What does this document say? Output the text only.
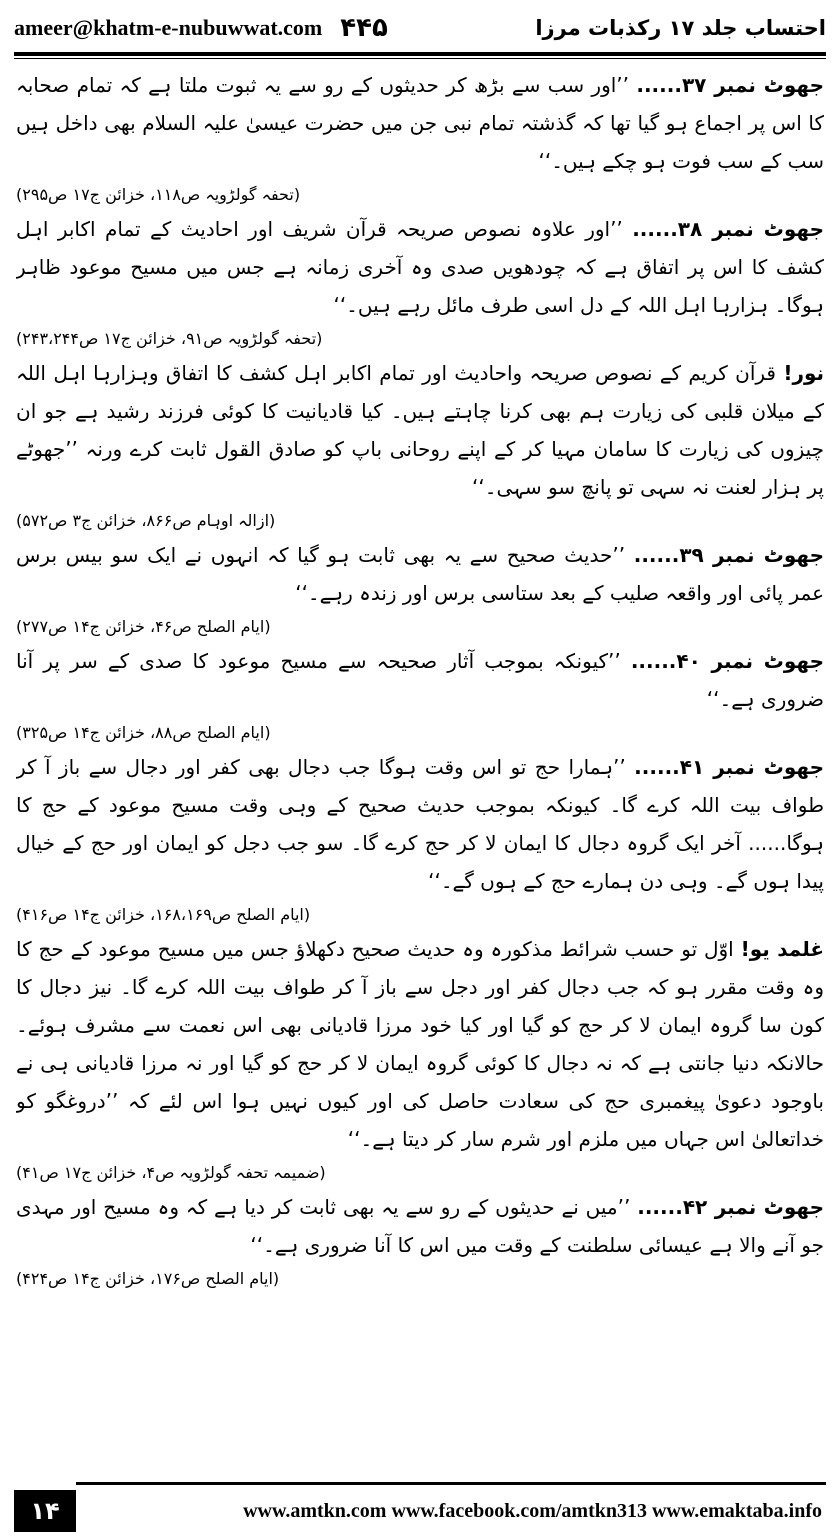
ameer@khatm-e-nubuwwat.com ۴۴۵	احتساب جلد ۱۷ رکذبات مرزا

جھوٹ نمبر ۳۷...... ’’اور سب سے بڑھ کر حدیثوں کے رو سے یہ ثبوت ملتا ہے کہ تمام صحابہ کا اس پر اجماع ہو گیا تھا کہ گذشتہ تمام نبی جن میں حضرت عیسیٰ علیہ السلام بھی داخل ہیں سب کے سب فوت ہو چکے ہیں۔‘‘
(تحفہ گولڑویہ ص۱۱۸، خزائن ج۱۷ ص۲۹۵)

جھوٹ نمبر ۳۸...... ’’اور علاوہ نصوص صریحہ قرآن شریف اور احادیث کے تمام اکابر اہل کشف کا اس پر اتفاق ہے کہ چودھویں صدی وہ آخری زمانہ ہے جس میں مسیح موعود ظاہر ہوگا۔ ہزارہا اہل اللہ کے دل اسی طرف مائل رہے ہیں۔‘‘
(تحفہ گولڑویہ ص۹۱، خزائن ج۱۷ ص۲۴۳،۲۴۴)

نور! قرآن کریم کے نصوص صریحہ واحادیث اور تمام اکابر اہل کشف کا اتفاق وہزارہا اہل اللہ کے میلان قلبی کی زیارت ہم بھی کرنا چاہتے ہیں۔ کیا قادیانیت کا کوئی فرزند رشید ہے جو ان چیزوں کی زیارت کا سامان مہیا کر کے اپنے روحانی باپ کو صادق القول ثابت کرے ورنہ ’’جھوٹے پر ہزار لعنت نہ سہی تو پانچ سو سہی۔‘‘
(ازالہ اوہام ص۸۶۶، خزائن ج۳ ص۵۷۲)

جھوٹ نمبر ۳۹...... ’’حدیث صحیح سے یہ بھی ثابت ہو گیا کہ انہوں نے ایک سو بیس برس عمر پائی اور واقعہ صلیب کے بعد ستاسی برس اور زندہ رہے۔‘‘
(ایام الصلح ص۴۶، خزائن ج۱۴ ص۲۷۷)

جھوٹ نمبر ۴۰...... ’’کیونکہ بموجب آثار صحیحہ سے مسیح موعود کا صدی کے سر پر آنا ضروری ہے۔‘‘
(ایام الصلح ص۸۸، خزائن ج۱۴ ص۳۲۵)

جھوٹ نمبر ۴۱...... ’’ہمارا حج تو اس وقت ہوگا جب دجال بھی کفر اور دجال سے باز آ کر طواف بیت اللہ کرے گا۔ کیونکہ بموجب حدیث صحیح کے وہی وقت مسیح موعود کے حج کا ہوگا...... آخر ایک گروہ دجال کا ایمان لا کر حج کرے گا۔ سو جب دجل کو ایمان اور حج کے خیال پیدا ہوں گے۔ وہی دن ہمارے حج کے ہوں گے۔‘‘
(ایام الصلح ص۱۶۸،۱۶۹، خزائن ج۱۴ ص۴۱۶)

غلمد یو! اوّل تو حسب شرائط مذکورہ وہ حدیث صحیح دکھلاؤ جس میں مسیح موعود کے حج کا وہ وقت مقرر ہو کہ جب دجال کفر اور دجل سے باز آ کر طواف بیت اللہ کرے گا۔ نیز دجال کا کون سا گروہ ایمان لا کر حج کو گیا اور کیا خود مرزا قادیانی بھی اس نعمت سے مشرف ہوئے۔ حالانکہ دنیا جانتی ہے کہ نہ دجال کا کوئی گروہ ایمان لا کر حج کو گیا اور نہ مرزا قادیانی ہی نے باوجود دعویٰ پیغمبری حج کی سعادت حاصل کی اور کیوں نہیں ہوا اس لئے کہ ’’دروغگو کو خداتعالیٰ اس جہاں میں ملزم اور شرم سار کر دیتا ہے۔‘‘
(ضمیمہ تحفہ گولڑویہ ص۴، خزائن ج۱۷ ص۴۱)

جھوٹ نمبر ۴۲...... ’’میں نے حدیثوں کے رو سے یہ بھی ثابت کر دیا ہے کہ وہ مسیح اور مہدی جو آنے والا ہے عیسائی سلطنت کے وقت میں اس کا آنا ضروری ہے۔‘‘

(ایام الصلح ص۱۷۶، خزائن ج۱۴ ص۴۲۴)
۱۴	www.amtkn.com www.facebook.com/amtkn313 www.emaktaba.info
